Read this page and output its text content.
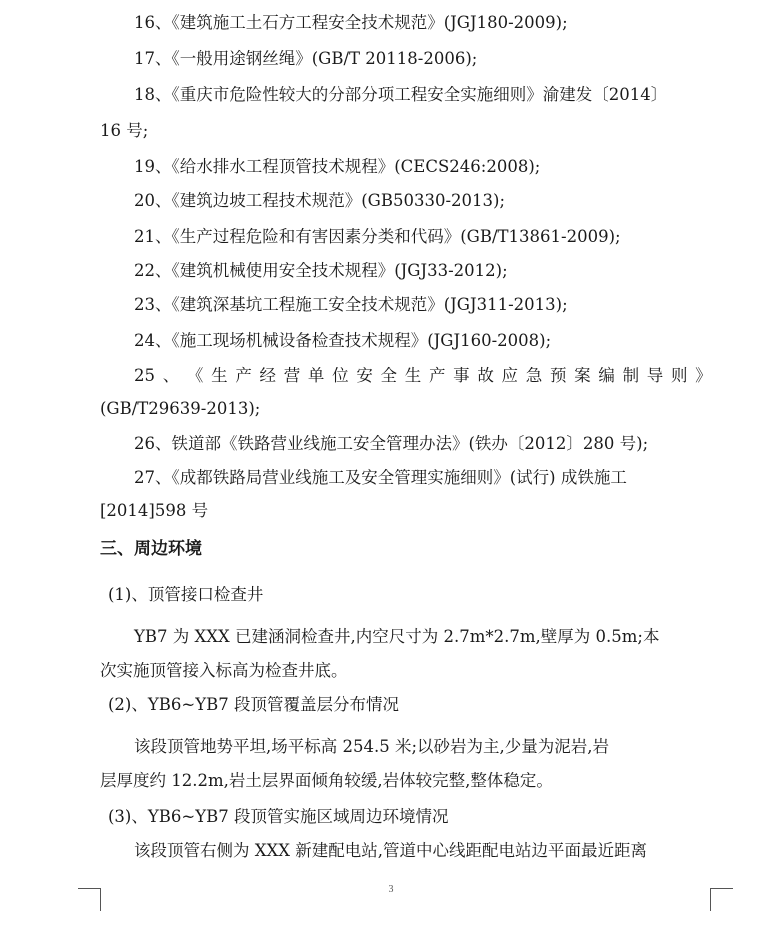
16、《建筑施工土石方工程安全技术规范》(JGJ180-2009);
17、《一般用途钢丝绳》(GB/T 20118-2006);
18、《重庆市危险性较大的分部分项工程安全实施细则》渝建发〔2014〕
16 号;
19、《给水排水工程顶管技术规程》(CECS246:2008);
20、《建筑边坡工程技术规范》(GB50330-2013);
21、《生产过程危险和有害因素分类和代码》(GB/T13861-2009);
22、《建筑机械使用安全技术规程》(JGJ33-2012);
23、《建筑深基坑工程施工安全技术规范》(JGJ311-2013);
24、《施工现场机械设备检查技术规程》(JGJ160-2008);
25 、 《 生 产 经 营 单 位 安 全 生 产 事 故 应 急 预 案 编 制 导 则 》
(GB/T29639-2013);
26、铁道部《铁路营业线施工安全管理办法》(铁办〔2012〕280 号);
27、《成都铁路局营业线施工及安全管理实施细则》(试行) 成铁施工
[2014]598 号
三、周边环境
(1)、顶管接口检查井
YB7 为 XXX 已建涵洞检查井,内空尺寸为 2.7m*2.7m,壁厚为 0.5m;本
次实施顶管接入标高为检查井底。
(2)、YB6~YB7 段顶管覆盖层分布情况
该段顶管地势平坦,场平标高 254.5 米;以砂岩为主,少量为泥岩,岩
层厚度约 12.2m,岩土层界面倾角较缓,岩体较完整,整体稳定。
(3)、YB6~YB7 段顶管实施区域周边环境情况
该段顶管右侧为 XXX 新建配电站,管道中心线距配电站边平面最近距离
3
